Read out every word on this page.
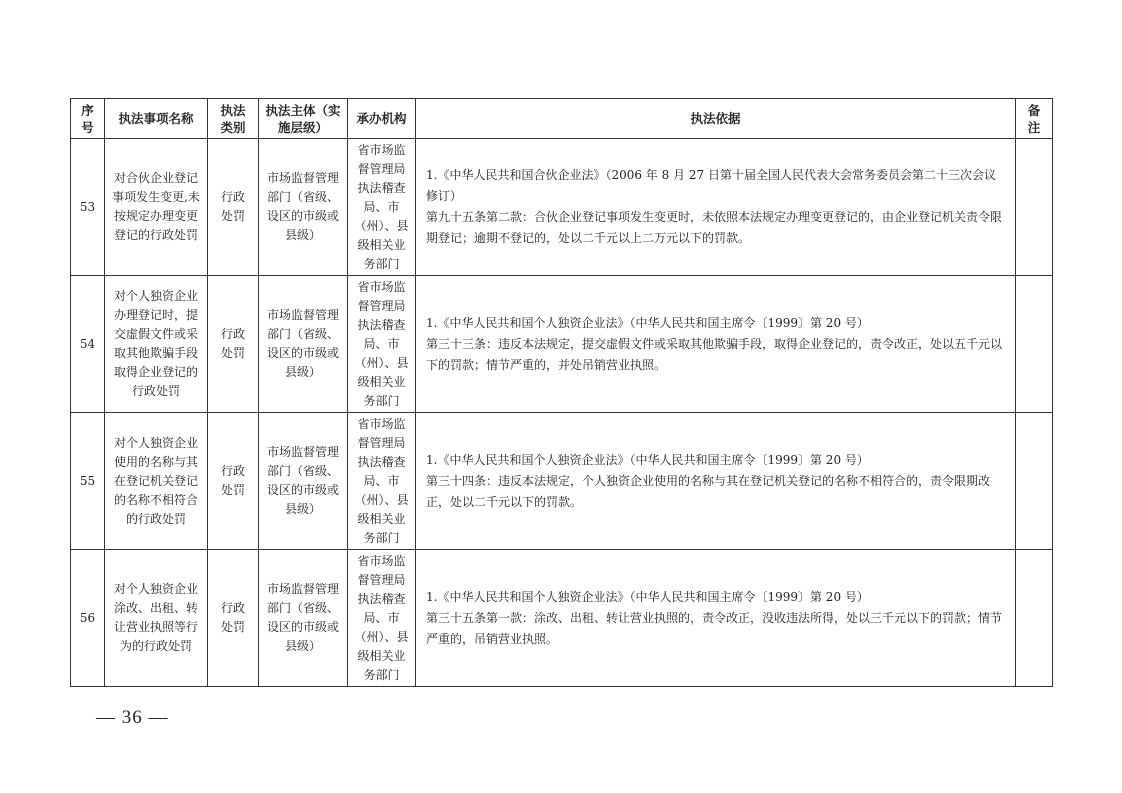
序号	执法事项名称	执法类别	执法主体（实施层级）	承办机构	执法依据	备注
53	对合伙企业登记事项发生变更,未按规定办理变更登记的行政处罚	行政处罚	市场监督管理部门（省级、设区的市级或县级）	省市场监督管理局执法稽查局、市（州）、县级相关业务部门	1.《中华人民共和国合伙企业法》（2006 年 8 月 27 日第十届全国人民代表大会常务委员会第二十三次会议修订）
第九十五条第二款：合伙企业登记事项发生变更时，未依照本法规定办理变更登记的，由企业登记机关责令限期登记；逾期不登记的，处以二千元以上二万元以下的罚款。	

54	对个人独资企业办理登记时，提交虚假文件或采取其他欺骗手段取得企业登记的行政处罚	行政处罚	市场监督管理部门（省级、设区的市级或县级）	省市场监督管理局执法稽查局、市（州）、县级相关业务部门	1.《中华人民共和国个人独资企业法》（中华人民共和国主席令〔1999〕第 20 号）
第三十三条：违反本法规定，提交虚假文件或采取其他欺骗手段，取得企业登记的，责令改正，处以五千元以下的罚款；情节严重的，并处吊销营业执照。	

55	对个人独资企业使用的名称与其在登记机关登记的名称不相符合的行政处罚	行政处罚	市场监督管理部门（省级、设区的市级或县级）	省市场监督管理局执法稽查局、市（州）、县级相关业务部门	1.《中华人民共和国个人独资企业法》（中华人民共和国主席令〔1999〕第 20 号）
第三十四条：违反本法规定，个人独资企业使用的名称与其在登记机关登记的名称不相符合的，责令限期改正，处以二千元以下的罚款。	

56	对个人独资企业涂改、出租、转让营业执照等行为的行政处罚	行政处罚	市场监督管理部门（省级、设区的市级或县级）	省市场监督管理局执法稽查局、市（州）、县级相关业务部门	1.《中华人民共和国个人独资企业法》（中华人民共和国主席令〔1999〕第 20 号）
第三十五条第一款：涂改、出租、转让营业执照的，责令改正，没收违法所得，处以三千元以下的罚款；情节严重的，吊销营业执照。	

— 36 —
